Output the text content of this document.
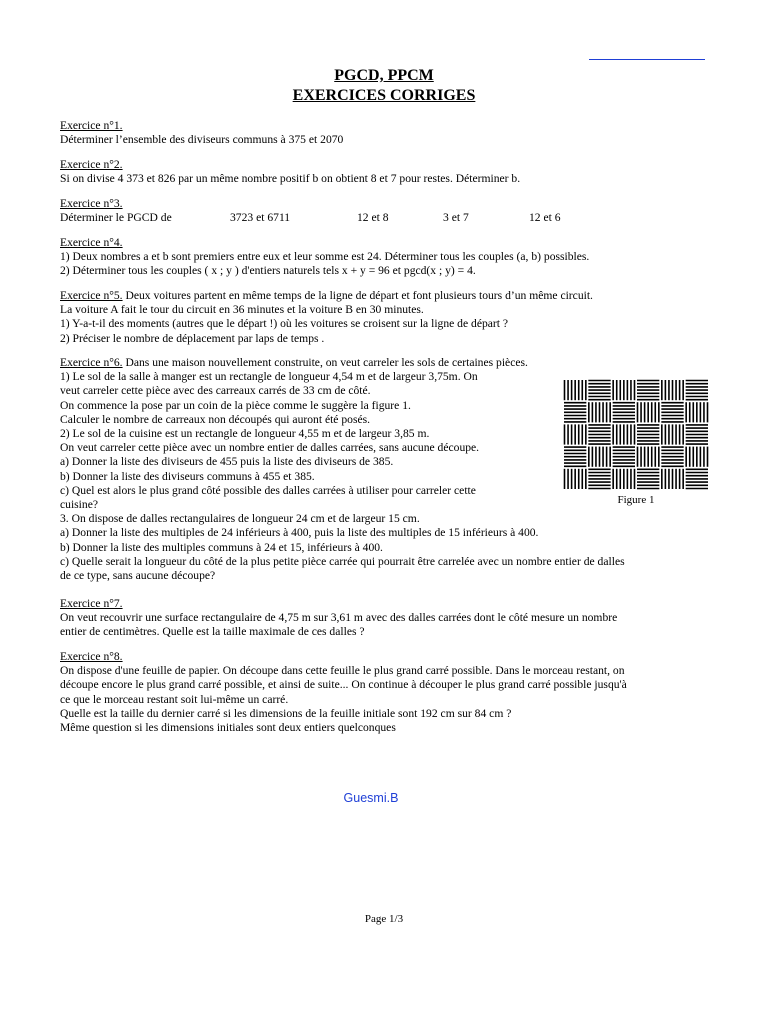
PGCD, PPCM
EXERCICES CORRIGES

Exercice n°1.

Déterminer l’ensemble des diviseurs communs à 375 et 2070

Exercice n°2.

Si on divise 4 373 et 826 par un même nombre positif b on obtient 8 et 7 pour restes. Déterminer b.

Exercice n°3.

Déterminer le PGCD de	3723 et 6711	12 et 8	3 et 7	12 et 6

Exercice n°4.

1) Deux nombres a et b sont premiers entre eux et leur somme est 24. Déterminer tous les couples (a, b) possibles.

2) Déterminer tous les couples ( x ; y ) d'entiers naturels tels x + y = 96 et pgcd(x ; y) = 4.

Exercice n°5. Deux voitures partent en même temps de la ligne de départ et font plusieurs tours d’un même circuit.

La voiture A fait le tour du circuit en 36 minutes et la voiture B en 30 minutes.

1) Y-a-t-il des moments (autres que le départ !) où les voitures se croisent sur la ligne de départ ?

2) Préciser le nombre de déplacement par laps de temps .

Exercice n°6. Dans une maison nouvellement construite, on veut carreler les sols de certaines pièces.

1) Le sol de la salle à manger est un rectangle de longueur 4,54 m et de largeur 3,75m. On

veut carreler cette pièce avec des carreaux carrés de 33 cm de côté.

On commence la pose par un coin de la pièce comme le suggère la figure 1.

Calculer le nombre de carreaux non découpés qui auront été posés.

2) Le sol de la cuisine est un rectangle de longueur 4,55 m et de largeur 3,85 m.

On veut carreler cette pièce avec un nombre entier de dalles carrées, sans aucune découpe.

a) Donner la liste des diviseurs de 455 puis la liste des diviseurs de 385.

b) Donner la liste des diviseurs communs à 455 et 385.

c) Quel est alors le plus grand côté possible des dalles carrées à utiliser pour carreler cette

cuisine?

3. On dispose de dalles rectangulaires de longueur 24 cm et de largeur 15 cm.

a) Donner la liste des multiples de 24 inférieurs à 400, puis la liste des multiples de 15 inférieurs à 400.

b) Donner la liste des multiples communs à 24 et 15, inférieurs à 400.

c) Quelle serait la longueur du côté de la plus petite pièce carrée qui pourrait être carrelée avec un nombre entier de dalles

de ce type, sans aucune découpe?

Figure 1

Exercice n°7.

On veut recouvrir une surface rectangulaire de 4,75 m sur 3,61 m avec des dalles carrées dont le côté mesure un nombre

entier de centimètres. Quelle est la taille maximale de ces dalles ?

Exercice n°8.

On dispose d'une feuille de papier. On découpe dans cette feuille le plus grand carré possible. Dans le morceau restant, on

découpe encore le plus grand carré possible, et ainsi de suite... On continue à découper le plus grand carré possible jusqu'à

ce que le morceau restant soit lui-même un carré.

Quelle est la taille du dernier carré si les dimensions de la feuille initiale sont 192 cm sur 84 cm ?

Même question si les dimensions initiales sont deux entiers quelconques

Guesmi.B
Page 1/3
